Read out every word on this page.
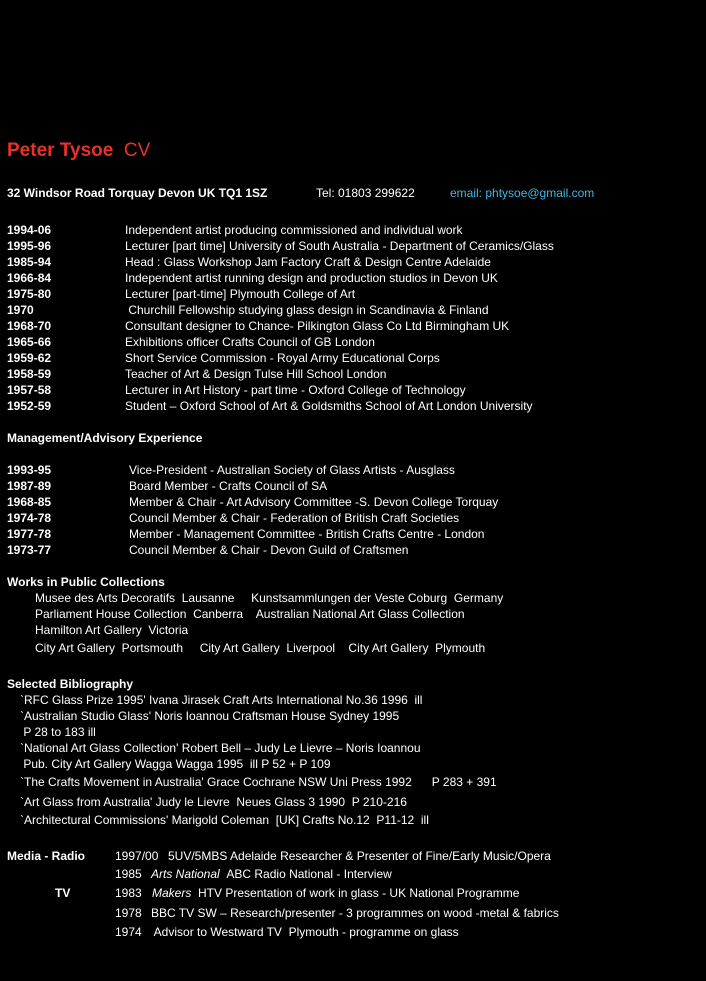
Peter Tysoe CV
32 Windsor Road Torquay Devon UK TQ1 1SZ	Tel: 01803 299622	email: phtysoe@gmail.com
1994-06	Independent artist producing commissioned and individual work
1995-96	Lecturer [part time] University of South Australia - Department of Ceramics/Glass
1985-94	Head : Glass Workshop Jam Factory Craft & Design Centre Adelaide
1966-84	Independent artist running design and production studios in Devon UK
1975-80	Lecturer [part-time] Plymouth College of Art
1970	Churchill Fellowship studying glass design in Scandinavia & Finland
1968-70	Consultant designer to Chance- Pilkington Glass Co Ltd Birmingham UK
1965-66	Exhibitions officer Crafts Council of GB London
1959-62	Short Service Commission - Royal Army Educational Corps
1958-59	Teacher of Art & Design Tulse Hill School London
1957-58	Lecturer in Art History - part time - Oxford College of Technology
1952-59	Student – Oxford School of Art & Goldsmiths School of Art London University
Management/Advisory Experience
1993-95	Vice-President - Australian Society of Glass Artists - Ausglass
1987-89	Board Member - Crafts Council of SA
1968-85	Member & Chair - Art Advisory Committee -S. Devon College Torquay
1974-78	Council Member & Chair - Federation of British Craft Societies
1977-78	Member - Management Committee - British Crafts Centre - London
1973-77	Council Member & Chair - Devon Guild of Craftsmen
Works in Public Collections
Musee des Arts Decoratifs  Lausanne     Kunstsammlungen der Veste Coburg  Germany
Parliament House Collection  Canberra    Australian National Art Glass Collection
Hamilton Art Gallery  Victoria
City Art Gallery  Portsmouth     City Art Gallery  Liverpool    City Art Gallery  Plymouth
Selected Bibliography
`RFC Glass Prize 1995' Ivana Jirasek Craft Arts International No.36 1996  ill
`Australian Studio Glass' Noris Ioannou Craftsman House Sydney 1995
P 28 to 183 ill
`National Art Glass Collection' Robert Bell – Judy Le Lievre – Noris Ioannou
Pub. City Art Gallery Wagga Wagga 1995  ill P 52 + P 109
`The Crafts Movement in Australia' Grace Cochrane NSW Uni Press 1992      P 283 + 391
`Art Glass from Australia' Judy le Lievre  Neues Glass 3 1990  P 210-216
`Architectural Commissions' Marigold Coleman  [UK] Crafts No.12  P11-12  ill
Media - Radio 1997/00 5UV/5MBS Adelaide Researcher & Presenter of Fine/Early Music/Opera
1985 Arts National ABC Radio National - Interview
TV	1983 Makers HTV Presentation of work in glass - UK National Programme
1978 BBC TV SW – Research/presenter - 3 programmes on wood -metal & fabrics
1974 Advisor to Westward TV  Plymouth - programme on glass
